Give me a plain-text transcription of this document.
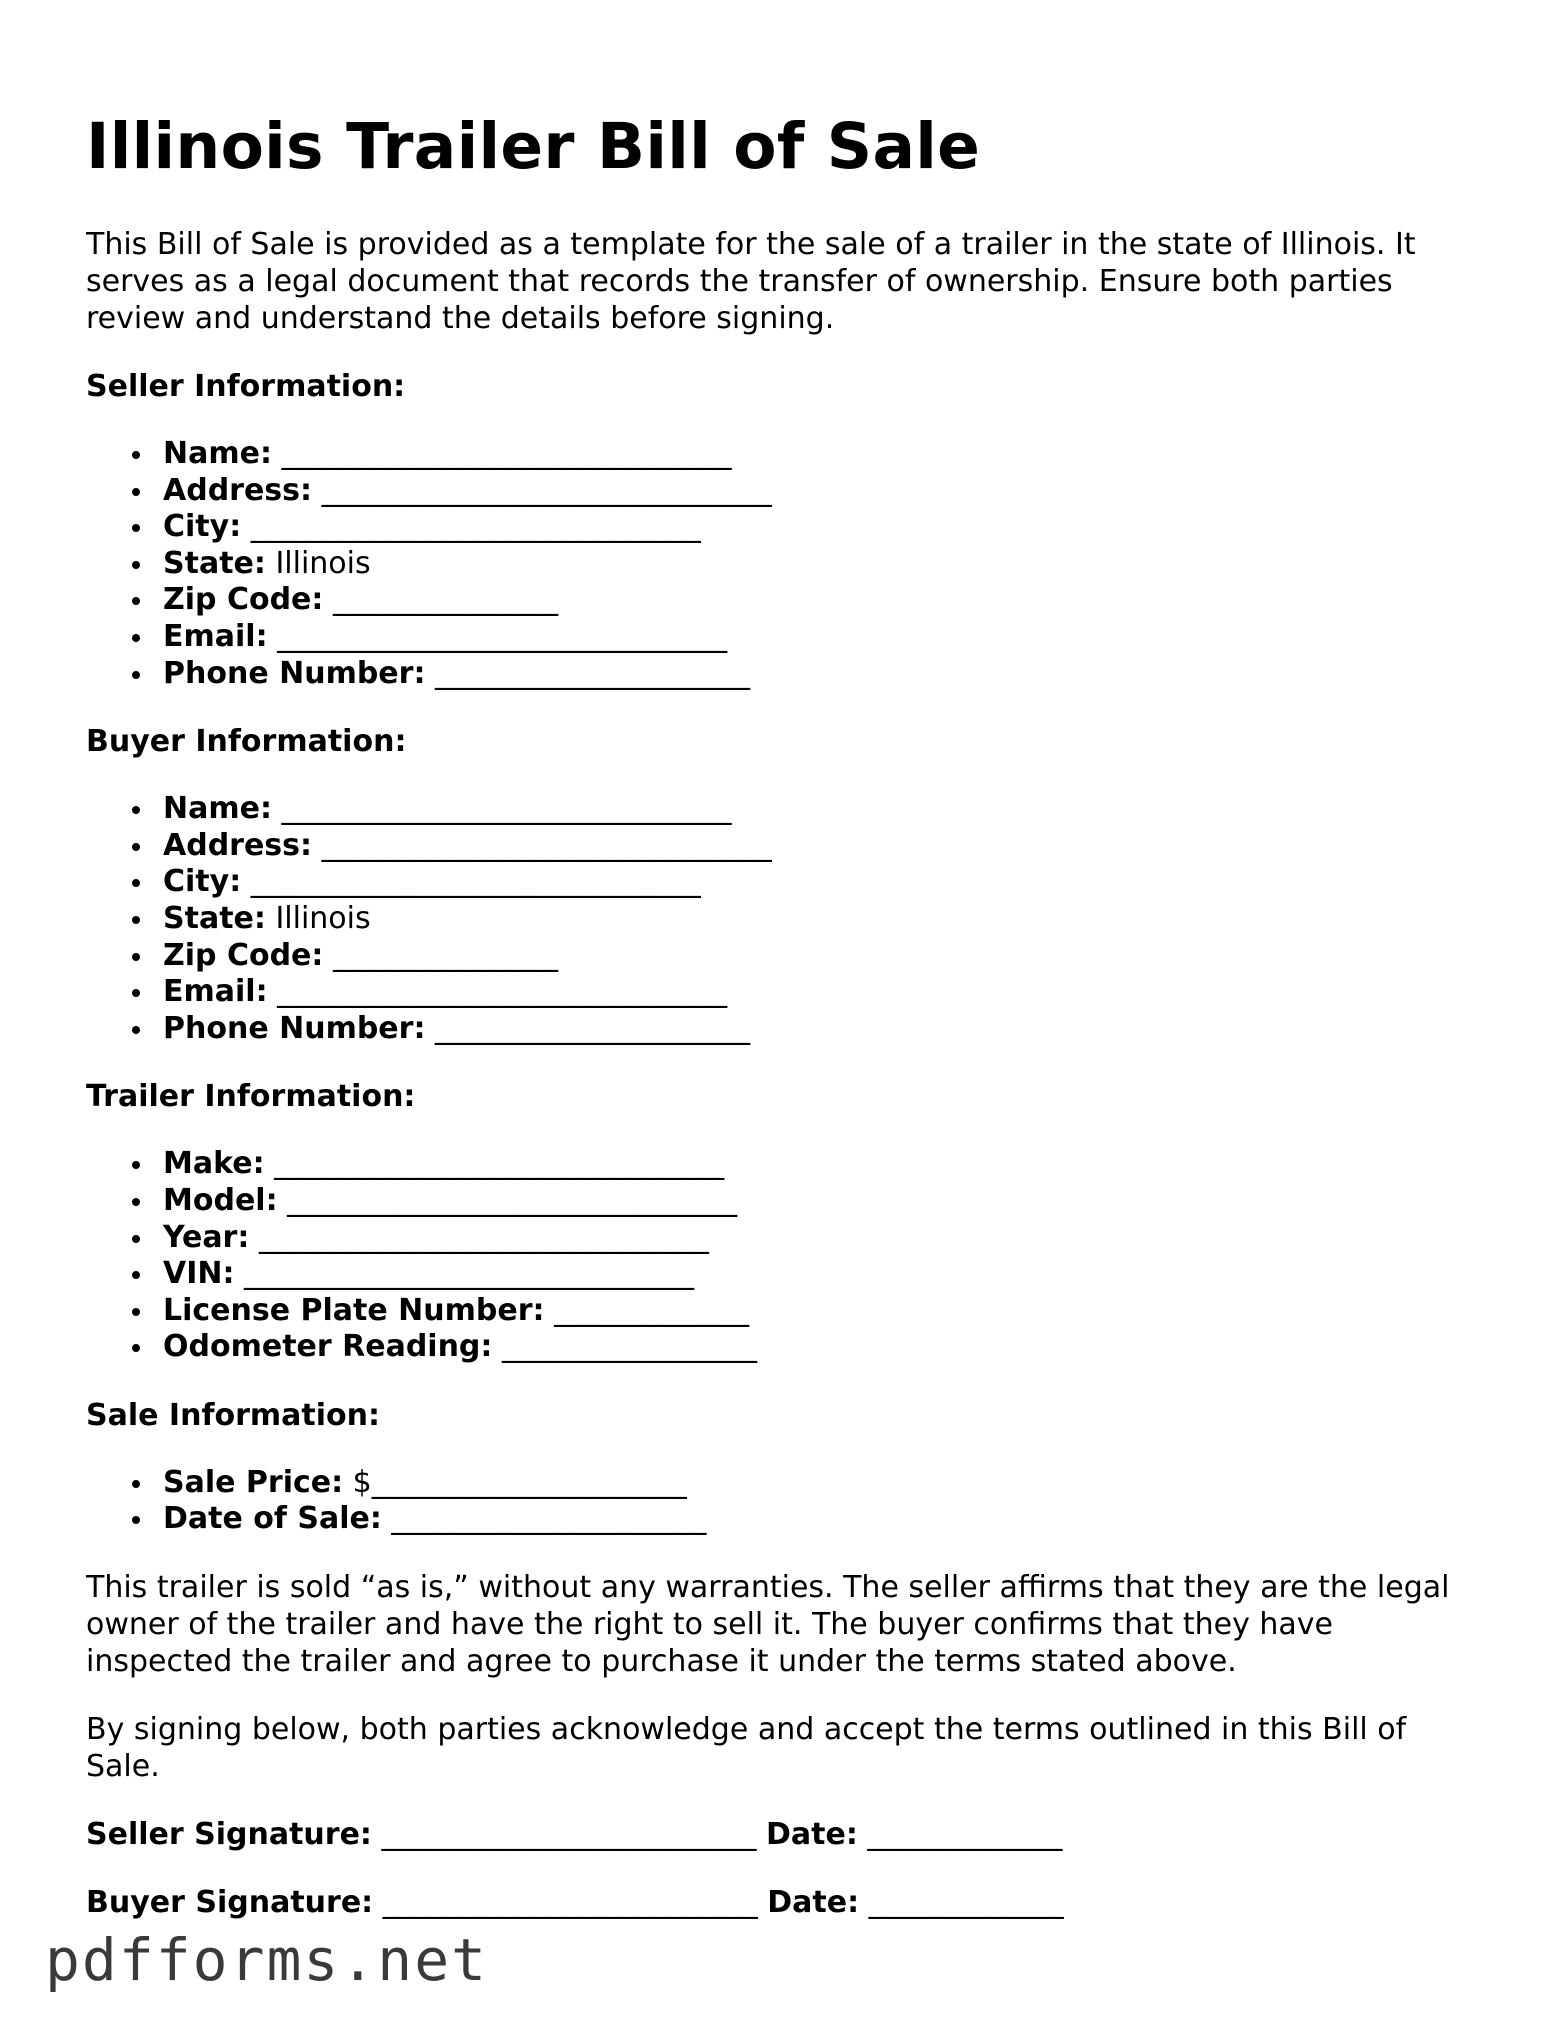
Illinois Trailer Bill of Sale

This Bill of Sale is provided as a template for the sale of a trailer in the state of Illinois. It serves as a legal document that records the transfer of ownership. Ensure both parties review and understand the details before signing.

Seller Information:
Name: ______________________________
Address: ______________________________
City: ______________________________
State: Illinois
Zip Code: _______________
Email: ______________________________
Phone Number: _____________________
Buyer Information:
Name: ______________________________
Address: ______________________________
City: ______________________________
State: Illinois
Zip Code: _______________
Email: ______________________________
Phone Number: _____________________
Trailer Information:
Make: ______________________________
Model: ______________________________
Year: ______________________________
VIN: ______________________________
License Plate Number: _____________
Odometer Reading: _________________
Sale Information:
Sale Price: $_____________________
Date of Sale: _____________________

This trailer is sold “as is,” without any warranties. The seller affirms that they are the legal owner of the trailer and have the right to sell it. The buyer confirms that they have inspected the trailer and agree to purchase it under the terms stated above.

By signing below, both parties acknowledge and accept the terms outlined in this Bill of Sale.

Seller Signature: _________________________ Date: _____________
Buyer Signature: _________________________ Date: _____________
pdfforms.net
